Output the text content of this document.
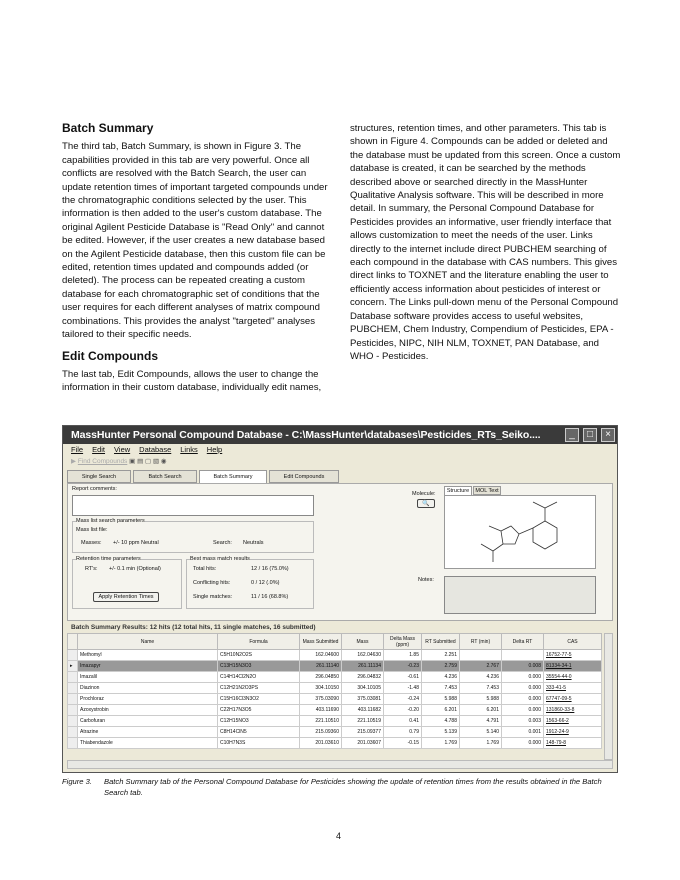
Batch Summary

The third tab, Batch Summary, is shown in Figure 3. The capabilities provided in this tab are very powerful. Once all conflicts are resolved with the Batch Search, the user can update retention times of important targeted compounds under the chromatographic conditions selected by the user. This information is then added to the user's custom database. The original Agilent Pesticide Database is "Read Only" and cannot be edited. However, if the user creates a new database based on the Agilent Pesticide database, then this custom file can be edited, retention times updated and compounds added (or deleted). The process can be repeated creating a custom database for each chromatographic set of conditions that the user requires for each different analyses of matrix compound combinations. This provides the analyst "targeted" analyses tailored to their specific needs.

Edit Compounds

The last tab, Edit Compounds, allows the user to change the information in their custom database, individually edit names,

structures, retention times, and other parameters. This tab is shown in Figure 4. Compounds can be added or deleted and the database must be updated from this screen. Once a custom database is created, it can be searched by the methods described above or searched directly in the MassHunter Qualitative Analysis software. This will be described in more detail. In summary, the Personal Compound Database for Pesticides provides an informative, user friendly interface that allows customization to meet the needs of the user. Links directly to the internet include direct PUBCHEM searching of each compound in the database with CAS numbers. This gives direct links to TOXNET and the literature enabling the user to efficiently access information about pesticides of interest or concern. The Links pull-down menu of the Personal Compound Database software provides access to useful websites, PUBCHEM, Chem Industry, Compendium of Pesticides, EPA - Pesticides, NIPC, NIH NLM, TOXNET, PAN Database, and WHO - Pesticides.

MassHunter Personal Compound Database - C:\MassHunter\databases\Pesticides_RTs_Seiko....	_	□	×
File Edit View Database Links Help
▶ Find Compounds ▣ ▤ ▢ ▧ ◉
Single Search	Batch Search	Batch Summary	Edit Compounds
Report comments:
Mass list search parameters
Mass list file:
Masses: +/- 10 ppm Neutral	Search: Neutrals
Retention time parameters
RT's: +/- 0.1 min (Optional)
Apply Retention Times
Best mass match results
Total hits:	12 / 16 (75.0%)
Conflicting hits:	0 / 12 (.0%)
Single matches:	11 / 16 (68.8%)
Molecule:
🔍
Structure	MOL Text
Notes:
Batch Summary Results: 12 hits (12 total hits, 11 single matches, 16 submitted)
	Name	Formula	Mass Submitted	Mass	Delta Mass (ppm)	RT Submitted	RT (min)	Delta RT	CAS
	Methomyl	C5H10N2O2S	162.04600	162.04630	1.85	2.251			16752-77-5
▸	Imazapyr	C13H15N3O3	261.11140	261.11134	-0.23	2.759	2.767	0.008	81334-34-1
	Imazalil	C14H14Cl2N2O	296.04850	296.04832	-0.61	4.236	4.236	0.000	35554-44-0
	Diazinon	C12H21N2O3PS	304.10150	304.10105	-1.48	7.453	7.453	0.000	333-41-5
	Prochloraz	C15H16Cl3N3O2	375.03090	375.03081	-0.24	5.988	5.988	0.000	67747-09-5
	Azoxystrobin	C22H17N3O5	403.11690	403.11682	-0.20	6.201	6.201	0.000	131860-33-8
	Carbofuran	C12H15NO3	221.10510	221.10519	0.41	4.788	4.791	0.003	1563-66-2
	Atrazine	C8H14ClN5	215.09360	215.09377	0.79	5.139	5.140	0.001	1912-24-9
	Thiabendazole	C10H7N3S	201.03610	201.03607	-0.15	1.769	1.769	0.000	148-79-8
Figure 3. Batch Summary tab of the Personal Compound Database for Pesticides showing the update of retention times from the results obtained in the Batch Search tab.
4
